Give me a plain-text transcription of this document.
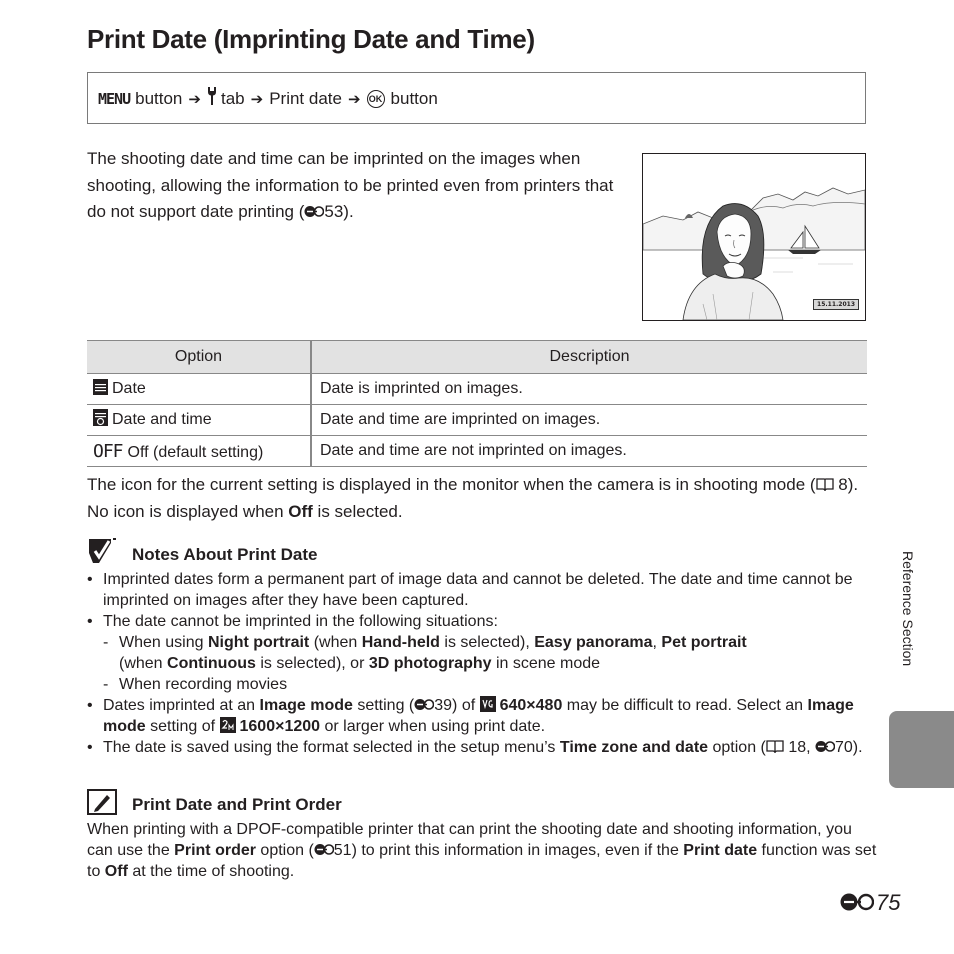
Print Date (Imprinting Date and Time)
MENU button ➔ tab ➔ Print date ➔ OK button
The shooting date and time can be imprinted on the images when shooting, allowing the information to be printed even from printers that do not support date printing ( 53).
15.11.2013
Option	Description
Date	Date is imprinted on images.
Date and time	Date and time are imprinted on images.
OFF Off (default setting)	Date and time are not imprinted on images.
The icon for the current setting is displayed in the monitor when the camera is in shooting mode ( 8). No icon is displayed when Off is selected.
Notes About Print Date
• Imprinted dates form a permanent part of image data and cannot be deleted. The date and time cannot be imprinted on images after they have been captured.
• The date cannot be imprinted in the following situations:
- When using Night portrait (when Hand-held is selected), Easy panorama, Pet portrait
(when Continuous is selected), or 3D photography in scene mode
- When recording movies
• Dates imprinted at an Image mode setting ( 39) of 640×480 may be difficult to read. Select an Image mode setting of 1600×1200 or larger when using print date.
• The date is saved using the format selected in the setup menu’s Time zone and date option ( 18, 70).
Print Date and Print Order
When printing with a DPOF-compatible printer that can print the shooting date and shooting information, you can use the Print order option ( 51) to print this information in images, even if the Print date function was set to Off at the time of shooting.
Reference Section
75
